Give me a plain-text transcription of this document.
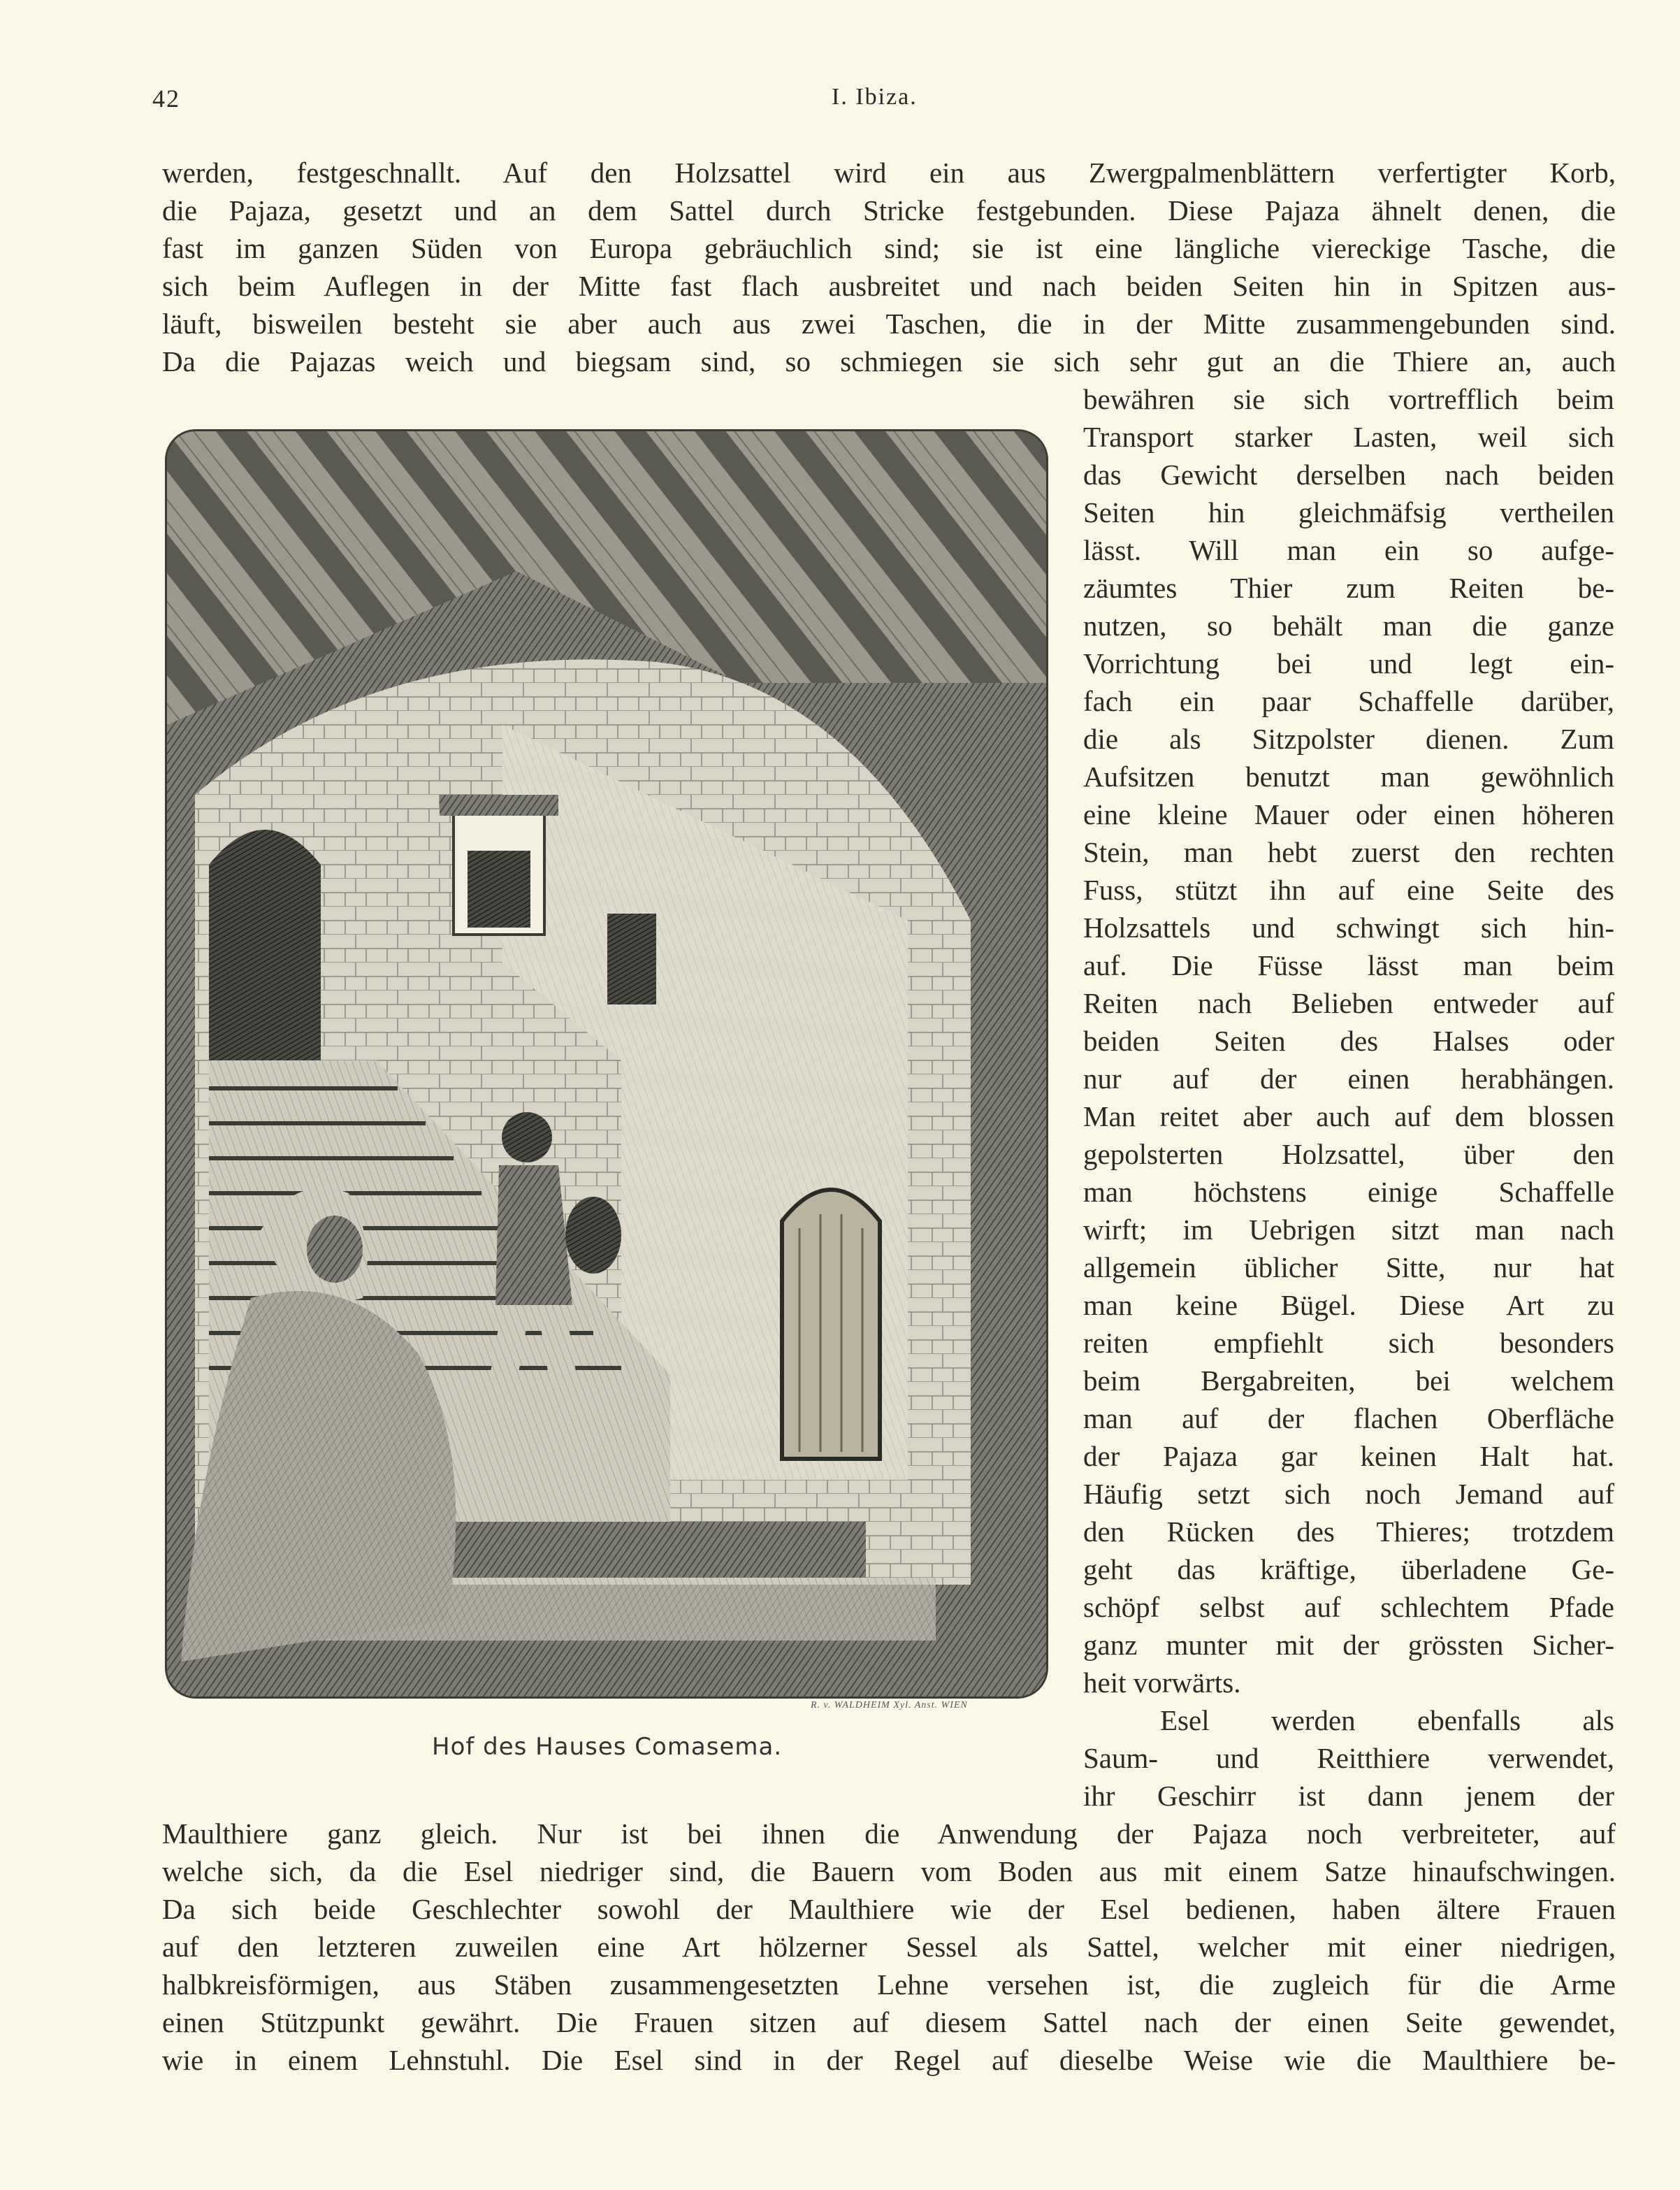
42	I. Ibiza.
werden, festgeschnallt. Auf den Holzsattel wird ein aus Zwergpalmenblättern verfertigter Korb,
die Pajaza, gesetzt und an dem Sattel durch Stricke festgebunden. Diese Pajaza ähnelt denen, die
fast im ganzen Süden von Europa gebräuchlich sind; sie ist eine längliche viereckige Tasche, die
sich beim Auflegen in der Mitte fast flach ausbreitet und nach beiden Seiten hin in Spitzen aus-
läuft, bisweilen besteht sie aber auch aus zwei Taschen, die in der Mitte zusammengebunden sind.
Da die Pajazas weich und biegsam sind, so schmiegen sie sich sehr gut an die Thiere an, auch
bewähren sie sich vortrefflich beim
Transport starker Lasten, weil sich
das Gewicht derselben nach beiden
Seiten hin gleichmäfsig vertheilen
lässt. Will man ein so aufge-
zäumtes Thier zum Reiten be-
nutzen, so behält man die ganze
Vorrichtung bei und legt ein-
fach ein paar Schaffelle darüber,
die als Sitzpolster dienen. Zum
Aufsitzen benutzt man gewöhnlich
eine kleine Mauer oder einen höheren
Stein, man hebt zuerst den rechten
Fuss, stützt ihn auf eine Seite des
Holzsattels und schwingt sich hin-
auf. Die Füsse lässt man beim
Reiten nach Belieben entweder auf
beiden Seiten des Halses oder
nur auf der einen herabhängen.
Man reitet aber auch auf dem blossen
gepolsterten Holzsattel, über den
man höchstens einige Schaffelle
wirft; im Uebrigen sitzt man nach
allgemein üblicher Sitte, nur hat
man keine Bügel. Diese Art zu
reiten empfiehlt sich besonders
beim Bergabreiten, bei welchem
man auf der flachen Oberfläche
der Pajaza gar keinen Halt hat.
Häufig setzt sich noch Jemand auf
den Rücken des Thieres; trotzdem
geht das kräftige, überladene Ge-
schöpf selbst auf schlechtem Pfade
ganz munter mit der grössten Sicher-
heit vorwärts.
Esel werden ebenfalls als
Saum- und Reitthiere verwendet,
ihr Geschirr ist dann jenem der
Maulthiere ganz gleich. Nur ist bei ihnen die Anwendung der Pajaza noch verbreiteter, auf
welche sich, da die Esel niedriger sind, die Bauern vom Boden aus mit einem Satze hinaufschwingen.
Da sich beide Geschlechter sowohl der Maulthiere wie der Esel bedienen, haben ältere Frauen
auf den letzteren zuweilen eine Art hölzerner Sessel als Sattel, welcher mit einer niedrigen,
halbkreisförmigen, aus Stäben zusammengesetzten Lehne versehen ist, die zugleich für die Arme
einen Stützpunkt gewährt. Die Frauen sitzen auf diesem Sattel nach der einen Seite gewendet,
wie in einem Lehnstuhl. Die Esel sind in der Regel auf dieselbe Weise wie die Maulthiere be-
R. v. WALDHEIM Xyl. Anst. WIEN
Hof des Hauses Comasema.
